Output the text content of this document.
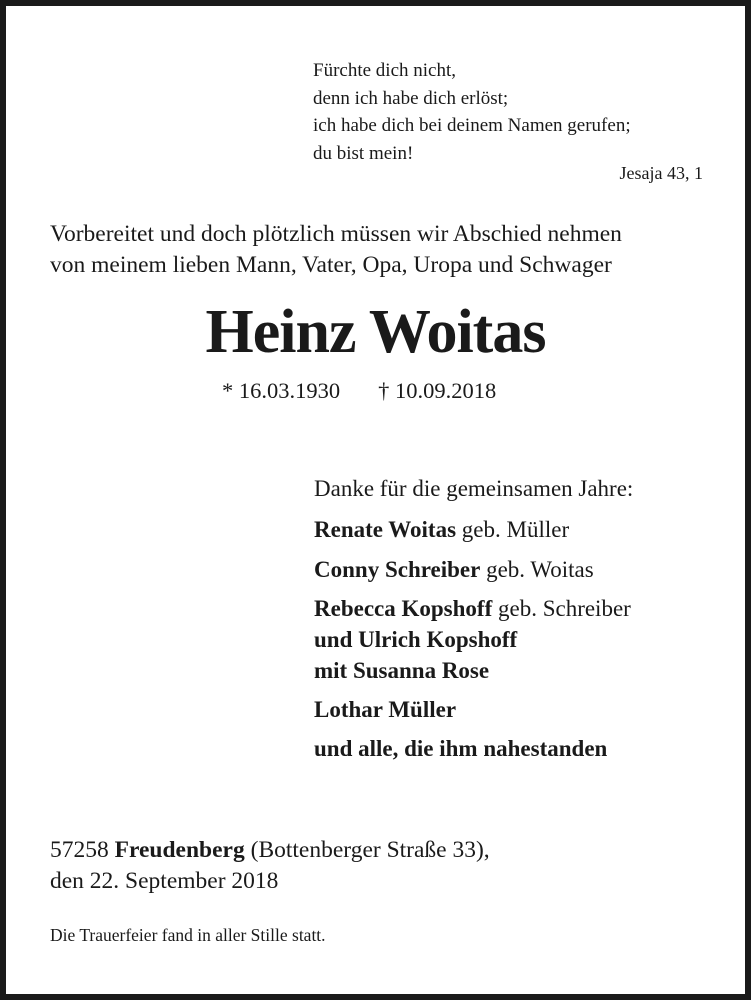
Fürchte dich nicht,
denn ich habe dich erlöst;
ich habe dich bei deinem Namen gerufen;
du bist mein!
Jesaja 43, 1
Vorbereitet und doch plötzlich müssen wir Abschied nehmen
von meinem lieben Mann, Vater, Opa, Uropa und Schwager
Heinz Woitas
* 16.03.1930 † 10.09.2018
Danke für die gemeinsamen Jahre:
Renate Woitas geb. Müller
Conny Schreiber geb. Woitas
Rebecca Kopshoff geb. Schreiber
und Ulrich Kopshoff
mit Susanna Rose
Lothar Müller
und alle, die ihm nahestanden
57258 Freudenberg (Bottenberger Straße 33),
den 22. September 2018
Die Trauerfeier fand in aller Stille statt.
